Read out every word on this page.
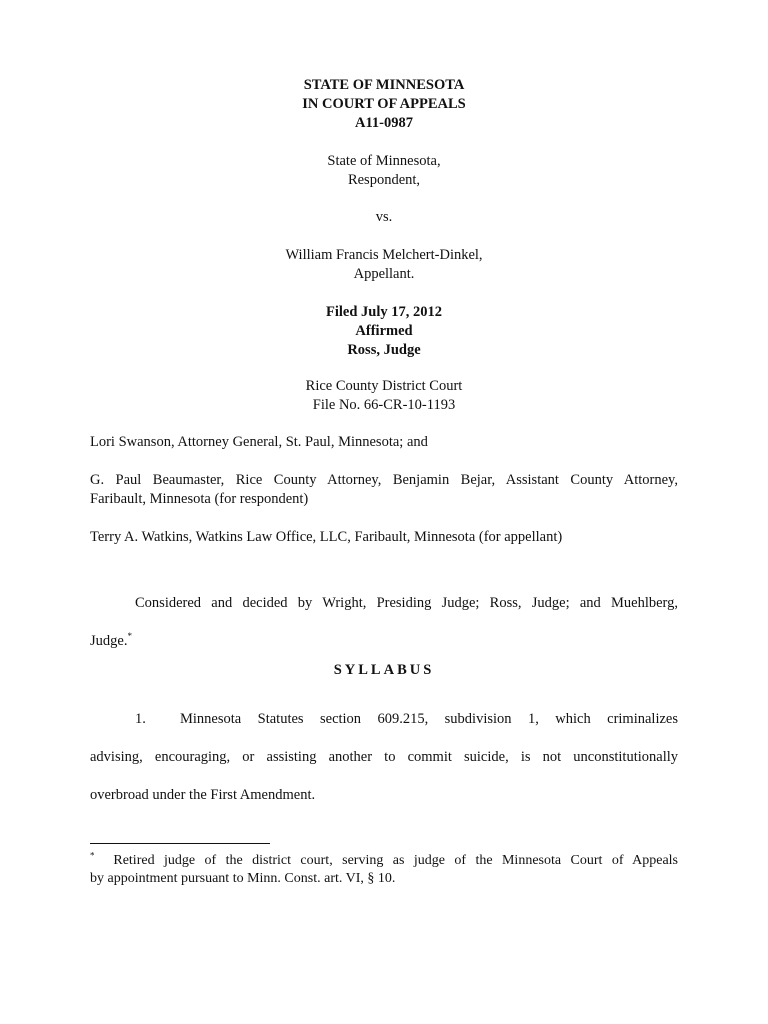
STATE OF MINNESOTA
IN COURT OF APPEALS
A11-0987
State of Minnesota,
Respondent,
vs.
William Francis Melchert-Dinkel,
Appellant.
Filed July 17, 2012
Affirmed
Ross, Judge
Rice County District Court
File No. 66-CR-10-1193
Lori Swanson, Attorney General, St. Paul, Minnesota; and
G. Paul Beaumaster, Rice County Attorney, Benjamin Bejar, Assistant County Attorney,
Faribault, Minnesota (for respondent)
Terry A. Watkins, Watkins Law Office, LLC, Faribault, Minnesota (for appellant)
Considered and decided by Wright, Presiding Judge; Ross, Judge; and Muehlberg,
Judge.*
SYLLABUS
1. Minnesota Statutes section 609.215, subdivision 1, which criminalizes
advising, encouraging, or assisting another to commit suicide, is not unconstitutionally
overbroad under the First Amendment.
* Retired judge of the district court, serving as judge of the Minnesota Court of Appeals
by appointment pursuant to Minn. Const. art. VI, § 10.
